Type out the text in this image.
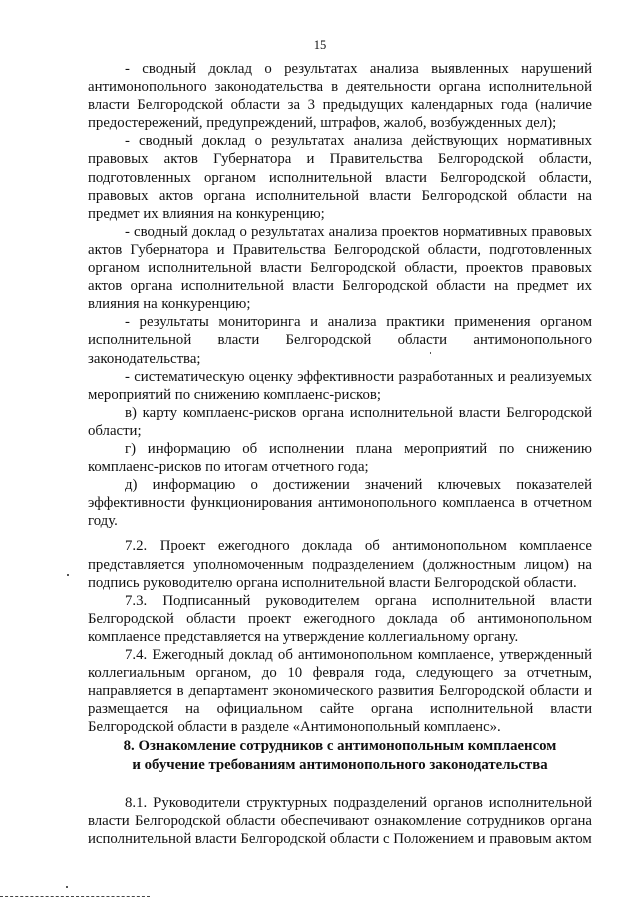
15

- сводный доклад о результатах анализа выявленных нарушений антимонопольного законодательства в деятельности органа исполнительной власти Белгородской области за 3 предыдущих календарных года (наличие предостережений, предупреждений, штрафов, жалоб, возбужденных дел);

- сводный доклад о результатах анализа действующих нормативных правовых актов Губернатора и Правительства Белгородской области, подготовленных органом исполнительной власти Белгородской области, правовых актов органа исполнительной власти Белгородской области на предмет их влияния на конкуренцию;

- сводный доклад о результатах анализа проектов нормативных правовых актов Губернатора и Правительства Белгородской области, подготовленных органом исполнительной власти Белгородской области, проектов правовых актов органа исполнительной власти Белгородской области на предмет их влияния на конкуренцию;

- результаты мониторинга и анализа практики применения органом исполнительной власти Белгородской области антимонопольного законодательства;

- систематическую оценку эффективности разработанных и реализуемых мероприятий по снижению комплаенс-рисков;

в) карту комплаенс-рисков органа исполнительной власти Белгородской области;

г) информацию об исполнении плана мероприятий по снижению комплаенс-рисков по итогам отчетного года;

д) информацию о достижении значений ключевых показателей эффективности функционирования антимонопольного комплаенса в отчетном году.

7.2. Проект ежегодного доклада об антимонопольном комплаенсе представляется уполномоченным подразделением (должностным лицом) на подпись руководителю органа исполнительной власти Белгородской области.

7.3. Подписанный руководителем органа исполнительной власти Белгородской области проект ежегодного доклада об антимонопольном комплаенсе представляется на утверждение коллегиальному органу.

7.4. Ежегодный доклад об антимонопольном комплаенсе, утвержденный коллегиальным органом, до 10 февраля года, следующего за отчетным, направляется в департамент экономического развития Белгородской области и размещается на официальном сайте органа исполнительной власти Белгородской области в разделе «Антимонопольный комплаенс».

8. Ознакомление сотрудников с антимонопольным комплаенсом
и обучение требованиям антимонопольного законодательства

8.1. Руководители структурных подразделений органов исполнительной власти Белгородской области обеспечивают ознакомление сотрудников органа исполнительной власти Белгородской области с Положением и правовым актом
